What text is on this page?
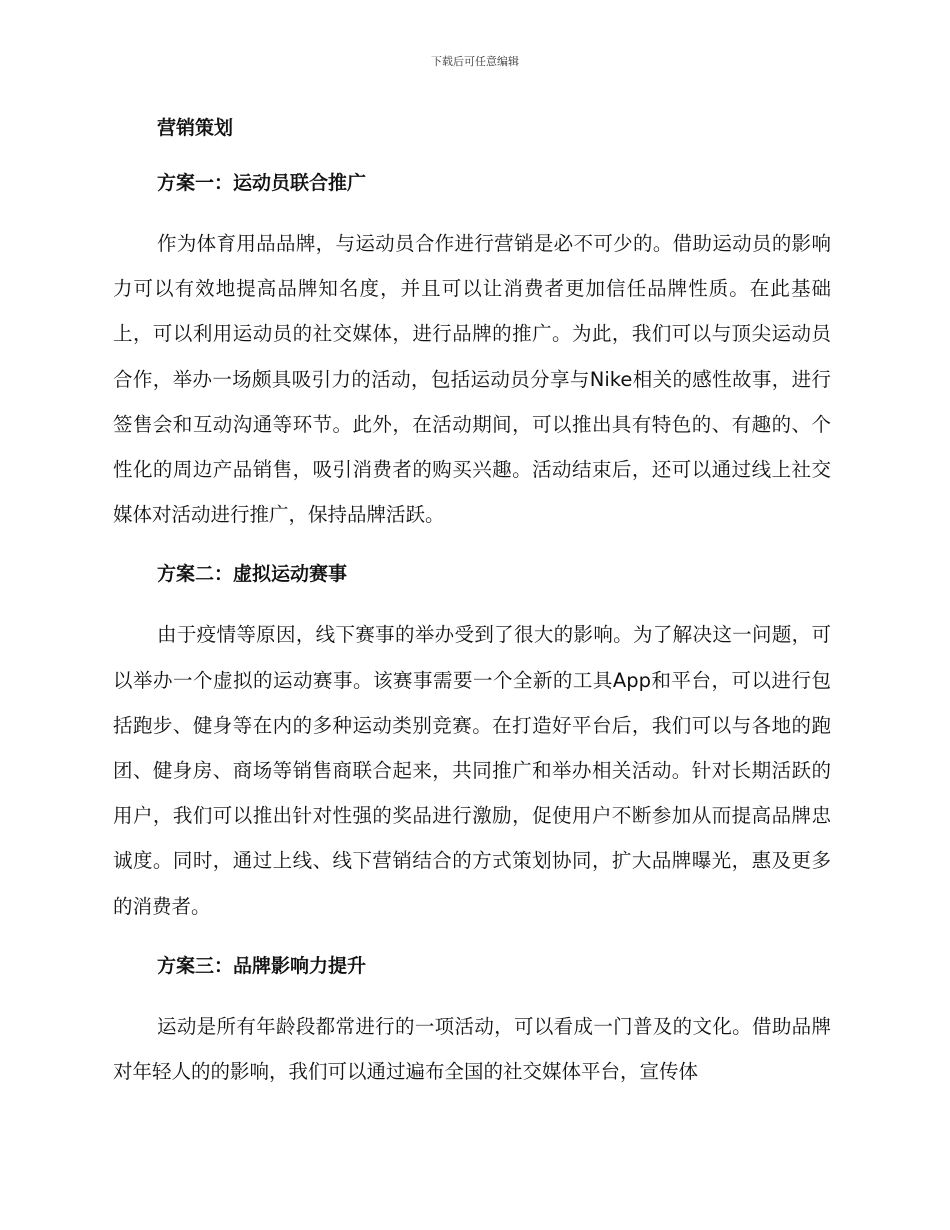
下载后可任意编辑
营销策划
方案一：运动员联合推广

作为体育用品品牌，与运动员合作进行营销是必不可少的。借助运动员的影响力可以有效地提高品牌知名度，并且可以让消费者更加信任品牌性质。在此基础上，可以利用运动员的社交媒体，进行品牌的推广。为此，我们可以与顶尖运动员合作，举办一场颇具吸引力的活动，包括运动员分享与Nike相关的感性故事，进行签售会和互动沟通等环节。此外，在活动期间，可以推出具有特色的、有趣的、个性化的周边产品销售，吸引消费者的购买兴趣。活动结束后，还可以通过线上社交媒体对活动进行推广，保持品牌活跃。

方案二：虚拟运动赛事

由于疫情等原因，线下赛事的举办受到了很大的影响。为了解决这一问题，可以举办一个虚拟的运动赛事。该赛事需要一个全新的工具App和平台，可以进行包括跑步、健身等在内的多种运动类别竞赛。在打造好平台后，我们可以与各地的跑团、健身房、商场等销售商联合起来，共同推广和举办相关活动。针对长期活跃的用户，我们可以推出针对性强的奖品进行激励，促使用户不断参加从而提高品牌忠诚度。同时，通过上线、线下营销结合的方式策划协同，扩大品牌曝光，惠及更多的消费者。

方案三：品牌影响力提升

运动是所有年龄段都常进行的一项活动，可以看成一门普及的文化。借助品牌对年轻人的的影响，我们可以通过遍布全国的社交媒体平台，宣传体
